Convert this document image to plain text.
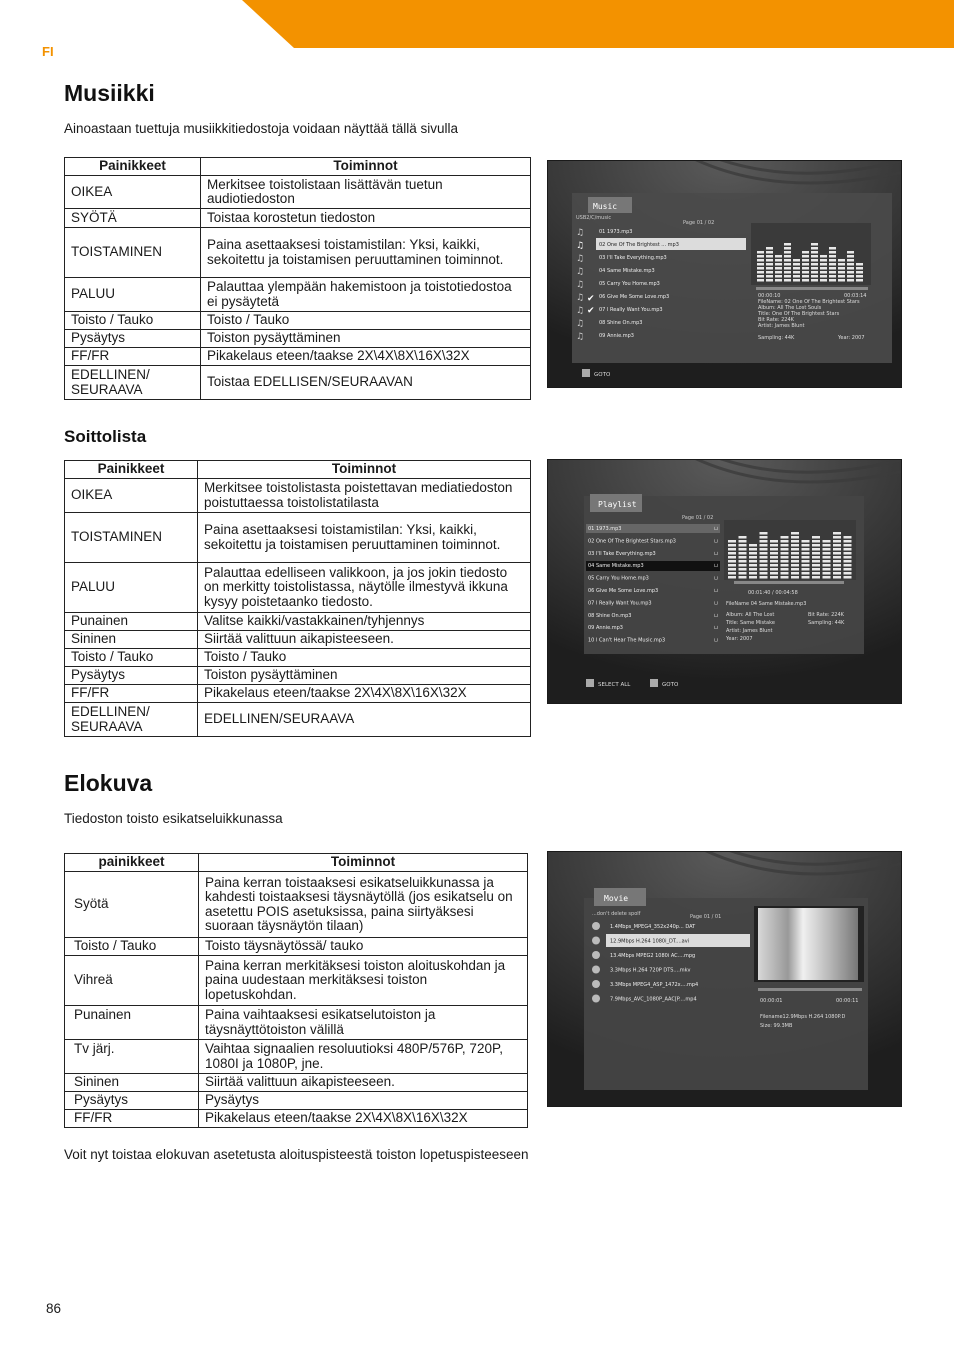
FI
Musiikki
Ainoastaan tuettuja musiikkitiedostoja voidaan näyttää tällä sivulla
Painikkeet	Toiminnot
OIKEA	Merkitsee toistolistaan lisättävän tuetun audiotiedoston
SYÖTÄ	Toistaa korostetun tiedoston
TOISTAMINEN	Paina asettaaksesi toistamistilan: Yksi, kaikki, sekoitettu ja toistamisen peruuttaminen toiminnot.
PALUU	Palauttaa ylempään hakemistoon ja toistotiedostoa ei pysäytetä
Toisto / Tauko	Toisto / Tauko
Pysäytys	Toiston pysäyttäminen
FF/FR	Pikakelaus eteen/taakse 2X\4X\8X\16X\32X
EDELLINEN/ SEURAAVA	Toistaa EDELLISEN/SEURAAVAN
Music
USB2/C/music
Page 01 / 02
01 1973.mp3
02 One Of The Brightest ... mp3
03 I'll Take Everything.mp3
04 Same Mistake.mp3
05 Carry You Home.mp3
06 Give Me Some Love.mp3
07 I Really Want You.mp3
08 Shine On.mp3
09 Annie.mp3
♫
♫
♫
♫
♫
♫
♫
♫
♫
✔
✔
00:00:10	00:03:14
FileName: 02 One Of The Brightest Stars
Album: All The Lost Souls
Title: One Of The Brightest Stars
Bit Rate: 224K
Artist: James Blunt
Sampling: 44K	Year: 2007
GOTO
Soittolista
Painikkeet	Toiminnot
OIKEA	Merkitsee toistolistasta poistettavan mediatiedoston poistuttaessa toistolistatilasta
TOISTAMINEN	Paina asettaaksesi toistamistilan: Yksi, kaikki, sekoitettu ja toistamisen peruuttaminen toiminnot.
PALUU	Palauttaa edelliseen valikkoon, ja jos jokin tiedosto on merkitty toistolistassa, näytölle ilmestyvä ikkuna kysyy poistetaanko tiedosto.
Punainen	Valitse kaikki/vastakkainen/tyhjennys
Sininen	Siirtää valittuun aikapisteeseen.
Toisto / Tauko	Toisto / Tauko
Pysäytys	Toiston pysäyttäminen
FF/FR	Pikakelaus eteen/taakse 2X\4X\8X\16X\32X
EDELLINEN/ SEURAAVA	EDELLINEN/SEURAAVA
Playlist
Page 01 / 02
01 1973.mp3
02 One Of The Brightest Stars.mp3
03 I'll Take Everything.mp3
04 Same Mistake.mp3
05 Carry You Home.mp3
06 Give Me Some Love.mp3
07 I Really Want You.mp3
08 Shine On.mp3
09 Annie.mp3
10 I Can't Hear The Music.mp3
⊔
⊔
⊔
⊔
⊔
⊔
⊔
⊔
⊔
⊔
00:01:40 / 00:04:58
FileName 04 Same Mistake.mp3
Album: All The Lost	Bit Rate: 224K
Title: Same Mistake	Sampling: 44K
Artist: James Blunt
Year: 2007
SELECT ALL	GOTO
Elokuva
Tiedoston toisto esikatseluikkunassa
painikkeet	Toiminnot
Syötä	Paina kerran toistaaksesi esikatseluikkunassa ja kahdesti toistaaksesi täysnäytöllä (jos esikatselu on asetettu POIS asetuksissa, paina siirtyäksesi suoraan täysnäytön tilaan)
Toisto / Tauko	Toisto täysnäytössä/ tauko
Vihreä	Paina kerran merkitäksesi toiston aloituskohdan ja paina uudestaan merkitäksesi toiston lopetuskohdan.
Punainen	Paina vaihtaaksesi esikatselutoiston ja täysnäyttötoiston välillä
Tv järj.	Vaihtaa signaalien resoluutioksi 480P/576P, 720P, 1080I ja 1080P, jne.
Sininen	Siirtää valittuun aikapisteeseen.
Pysäytys	Pysäytys
FF/FR	Pikakelaus eteen/taakse 2X\4X\8X\16X\32X
Movie
...don't delete spolf	Page 01 / 01
1.4Mbps_MPEG4_352x240p... DAT
12.9Mbps H.264 1080i_DT....avi
13.4Mbps MPEG2 1080i AC....mpg
3.3Mbps H.264 720P DTS....mkv
3.3Mbps MPEG4_ASP_1472x....mp4
7.9Mbps_AVC_1080P_AAC[P....mp4	00:00:01	00:00:11
Filename12.9Mbps H.264 1080P.D
Size: 99.3MB
Voit nyt toistaa elokuvan asetetusta aloituspisteestä toiston lopetuspisteeseen
86
